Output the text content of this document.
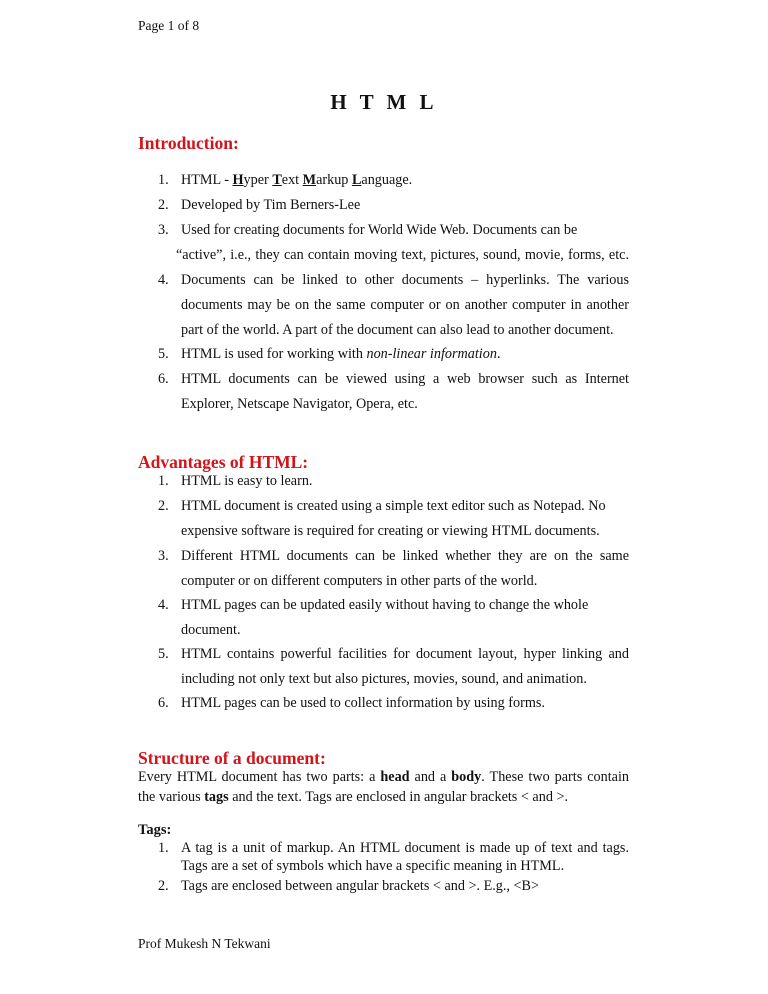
Page 1 of 8
H T M L
Introduction:
1. HTML - Hyper Text Markup Language.
2. Developed by Tim Berners-Lee
3. Used for creating documents for World Wide Web. Documents can be
“active”, i.e., they can contain moving text, pictures, sound, movie, forms, etc.
4. Documents can be linked to other documents – hyperlinks. The various
documents may be on the same computer or on another computer in another
part of the world. A part of the document can also lead to another document.
5. HTML is used for working with non-linear information.
6. HTML documents can be viewed using a web browser such as Internet
Explorer, Netscape Navigator, Opera, etc.
Advantages of HTML:
1. HTML is easy to learn.
2. HTML document is created using a simple text editor such as Notepad. No
expensive software is required for creating or viewing HTML documents.
3. Different HTML documents can be linked whether they are on the same
computer or on different computers in other parts of the world.
4. HTML pages can be updated easily without having to change the whole
document.
5. HTML contains powerful facilities for document layout, hyper linking and
including not only text but also pictures, movies, sound, and animation.
6. HTML pages can be used to collect information by using forms.
Structure of a document:
Every HTML document has two parts: a head and a body. These two parts contain
the various tags and the text. Tags are enclosed in angular brackets < and >.
Tags:
1. A tag is a unit of markup. An HTML document is made up of text and tags.
Tags are a set of symbols which have a specific meaning in HTML.
2. Tags are enclosed between angular brackets < and >. E.g., <B>
Prof Mukesh N Tekwani
